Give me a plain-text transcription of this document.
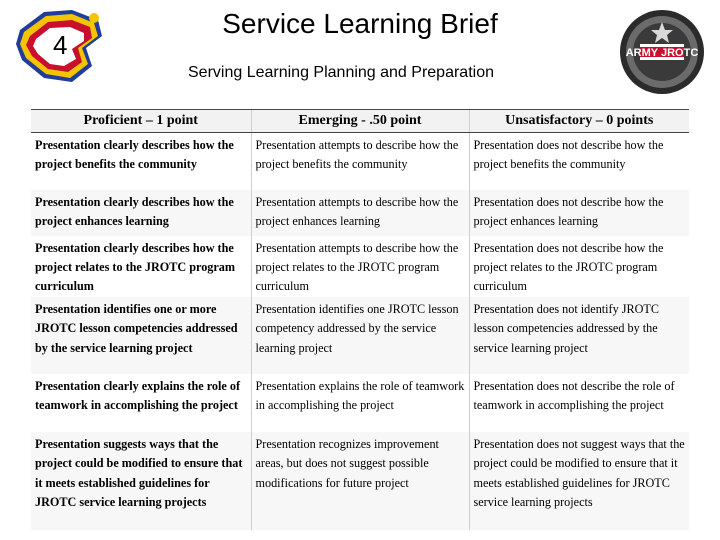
4
Service Learning Brief
Serving Learning Planning and Preparation
ARMY JROTC
Proficient – 1 point	Emerging - .50 point	Unsatisfactory – 0 points
Presentation clearly describes how the project benefits the community	Presentation attempts to describe how the project benefits the community	Presentation does not describe how the project benefits the community
Presentation clearly describes how the project enhances learning	Presentation attempts to describe how the project enhances learning	Presentation does not describe how the project enhances learning
Presentation clearly describes how the project relates to the JROTC program curriculum	Presentation attempts to describe how the project relates to the JROTC program curriculum	Presentation does not describe how the project relates to the JROTC program curriculum
Presentation identifies one or more JROTC lesson competencies addressed by the service learning project	Presentation identifies one JROTC lesson competency addressed by the service learning project	Presentation does not identify JROTC lesson competencies addressed by the service learning project
Presentation clearly explains the role of teamwork in accomplishing the project	Presentation explains the role of teamwork in accomplishing the project	Presentation does not describe the role of teamwork in accomplishing the project
Presentation suggests ways that the project could be modified to ensure that it meets established guidelines for JROTC service learning projects	Presentation recognizes improvement areas, but does not suggest possible modifications for future project	Presentation does not suggest ways that the project could be modified to ensure that it meets established guidelines for JROTC service learning projects
